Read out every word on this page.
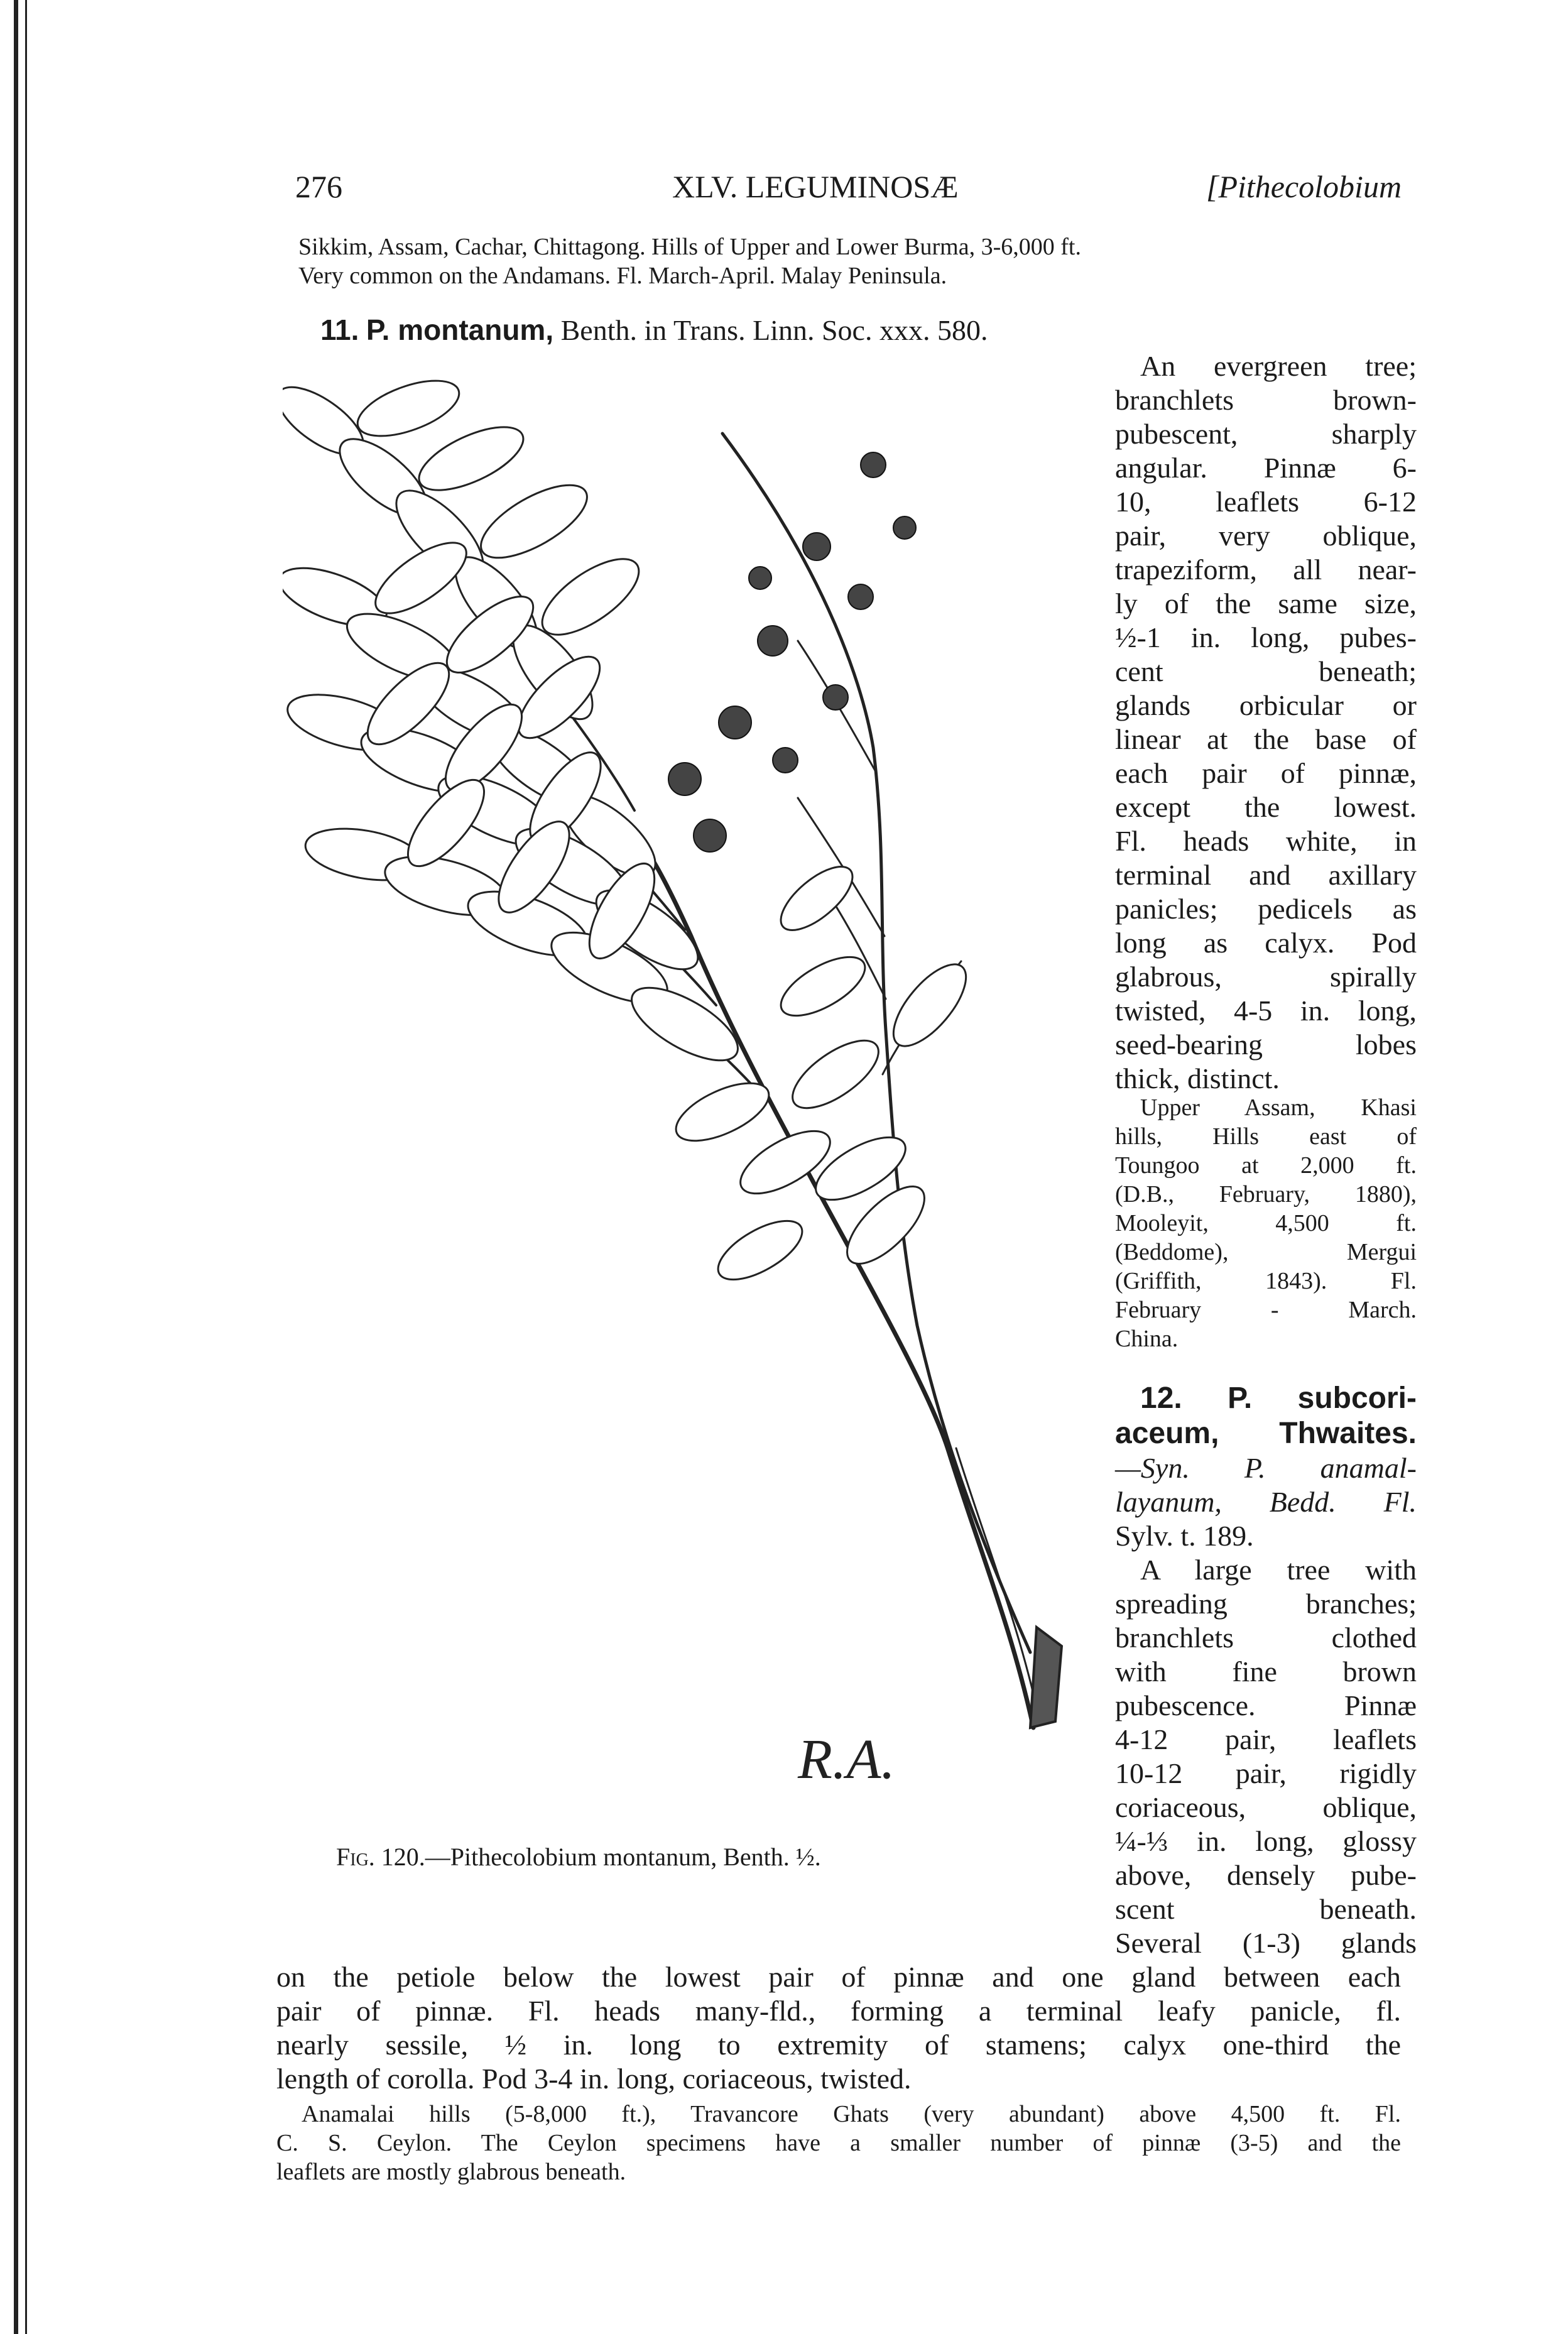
276	XLV. LEGUMINOSÆ	[Pithecolobium
Sikkim, Assam, Cachar, Chittagong. Hills of Upper and Lower Burma, 3-6,000 ft.
Very common on the Andamans. Fl. March-April. Malay Peninsula.
11. P. montanum, Benth. in Trans. Linn. Soc. xxx. 580.
An evergreen tree;
branchlets brown-
pubescent, sharply
angular. Pinnæ 6-
10, leaflets 6-12
pair, very oblique,
trapeziform, all near-
ly of the same size,
½-1 in. long, pubes-
cent beneath;
glands orbicular or
linear at the base of
each pair of pinnæ,
except the lowest.
Fl. heads white, in
terminal and axillary
panicles; pedicels as
long as calyx. Pod
glabrous, spirally
twisted, 4-5 in. long,
seed-bearing lobes
thick, distinct.
Upper Assam, Khasi
hills, Hills east of
Toungoo at 2,000 ft.
(D.B., February, 1880),
Mooleyit, 4,500 ft.
(Beddome), Mergui
(Griffith, 1843). Fl.
February - March.
China.
12. P. subcori-
aceum, Thwaites.
—Syn. P. anamal-
layanum, Bedd. Fl.
Sylv. t. 189.
A large tree with
spreading branches;
branchlets clothed
with fine brown
pubescence. Pinnæ
4-12 pair, leaflets
10-12 pair, rigidly
coriaceous, oblique,
¼-⅓ in. long, glossy
above, densely pube-
scent beneath.
Several (1-3) glands
on the petiole below the lowest pair of pinnæ and one gland between each
pair of pinnæ. Fl. heads many-fld., forming a terminal leafy panicle, fl.
nearly sessile, ½ in. long to extremity of stamens; calyx one-third the
length of corolla. Pod 3-4 in. long, coriaceous, twisted.
Anamalai hills (5-8,000 ft.), Travancore Ghats (very abundant) above 4,500 ft. Fl.
C. S. Ceylon. The Ceylon specimens have a smaller number of pinnæ (3-5) and the
leaflets are mostly glabrous beneath.
R.A.
Fig. 120.—Pithecolobium montanum, Benth. ½.
